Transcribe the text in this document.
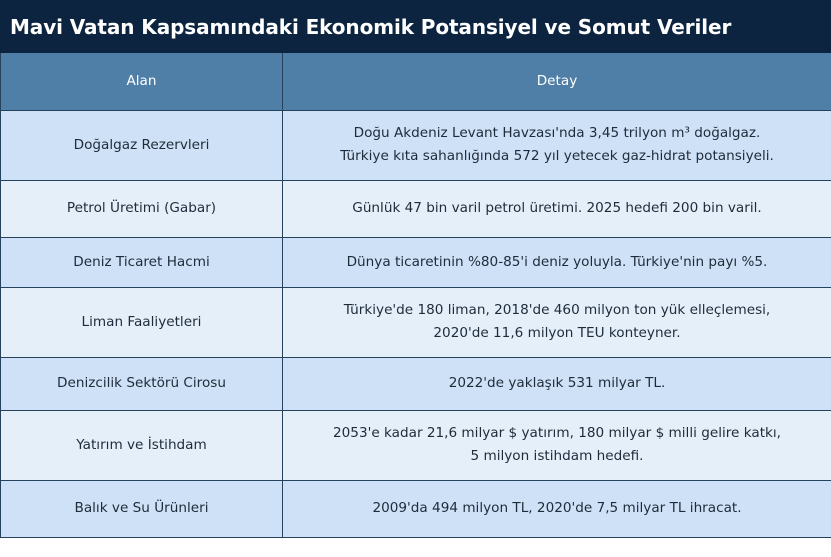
Mavi Vatan Kapsamındaki Ekonomik Potansiyel ve Somut Veriler
Alan	Detay
Doğalgaz Rezervleri	Doğu Akdeniz Levant Havzası'nda 3,45 trilyon m³ doğalgaz.
Türkiye kıta sahanlığında 572 yıl yetecek gaz-hidrat potansiyeli.

Petrol Üretimi (Gabar)	Günlük 47 bin varil petrol üretimi. 2025 hedefi 200 bin varil.

Deniz Ticaret Hacmi	Dünya ticaretinin %80-85'i deniz yoluyla. Türkiye'nin payı %5.

Liman Faaliyetleri	Türkiye'de 180 liman, 2018'de 460 milyon ton yük elleçlemesi,
2020'de 11,6 milyon TEU konteyner.

Denizcilik Sektörü Cirosu	2022'de yaklaşık 531 milyar TL.

Yatırım ve İstihdam	2053'e kadar 21,6 milyar $ yatırım, 180 milyar $ milli gelire katkı,
5 milyon istihdam hedefi.

Balık ve Su Ürünleri	2009'da 494 milyon TL, 2020'de 7,5 milyar TL ihracat.
